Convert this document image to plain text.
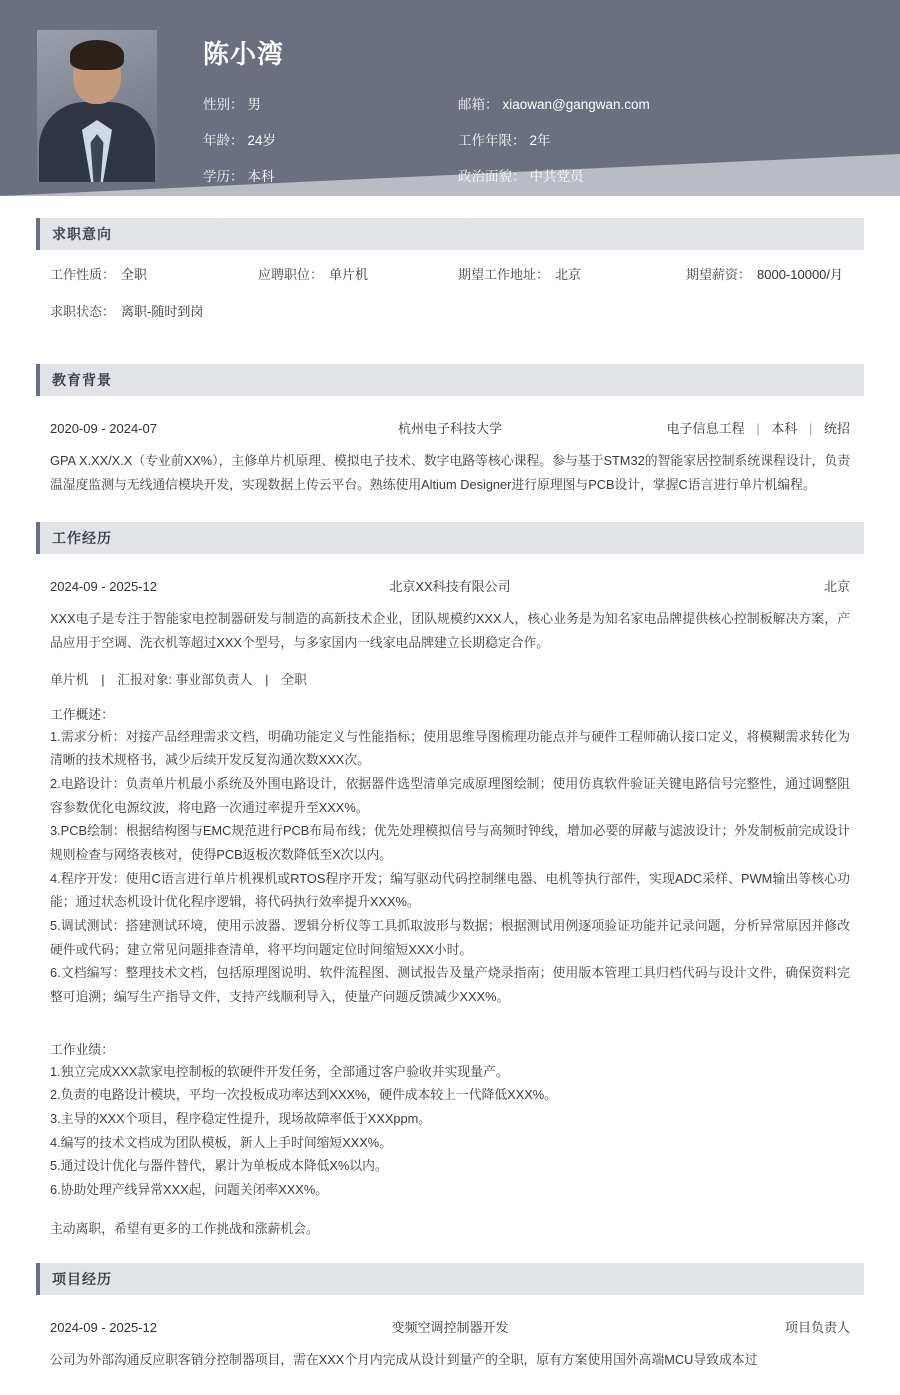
陈小湾
性别： 男	邮箱： xiaowan@gangwan.com
年龄： 24岁	工作年限： 2年
学历： 本科	政治面貌： 中共党员
手机号： 18600001654	婚姻状态： 未婚
求职意向
工作性质： 全职	应聘职位： 单片机	期望工作地址： 北京	期望薪资： 8000-10000/月
求职状态： 离职-随时到岗
教育背景
2020-09 - 2024-07	杭州电子科技大学	电子信息工程 | 本科 | 统招
GPA X.XX/X.X（专业前XX%），主修单片机原理、模拟电子技术、数字电路等核心课程。参与基于STM32的智能家居控制系统课程设计，负责温湿度监测与无线通信模块开发，实现数据上传云平台。熟练使用Altium Designer进行原理图与PCB设计，掌握C语言进行单片机编程。
工作经历
2024-09 - 2025-12	北京XX科技有限公司	北京
XXX电子是专注于智能家电控制器研发与制造的高新技术企业，团队规模约XXX人，核心业务是为知名家电品牌提供核心控制板解决方案，产品应用于空调、洗衣机等超过XXX个型号，与多家国内一线家电品牌建立长期稳定合作。
单片机　|　汇报对象: 事业部负责人　|　全职
工作概述：
1.需求分析：对接产品经理需求文档，明确功能定义与性能指标；使用思维导图梳理功能点并与硬件工程师确认接口定义，将模糊需求转化为清晰的技术规格书，减少后续开发反复沟通次数XXX次。
2.电路设计：负责单片机最小系统及外围电路设计，依据器件选型清单完成原理图绘制；使用仿真软件验证关键电路信号完整性，通过调整阻容参数优化电源纹波，将电路一次通过率提升至XXX%。
3.PCB绘制：根据结构图与EMC规范进行PCB布局布线；优先处理模拟信号与高频时钟线，增加必要的屏蔽与滤波设计；外发制板前完成设计规则检查与网络表核对，使得PCB返板次数降低至X次以内。
4.程序开发：使用C语言进行单片机裸机或RTOS程序开发；编写驱动代码控制继电器、电机等执行部件，实现ADC采样、PWM输出等核心功能；通过状态机设计优化程序逻辑，将代码执行效率提升XXX%。
5.调试测试：搭建测试环境，使用示波器、逻辑分析仪等工具抓取波形与数据；根据测试用例逐项验证功能并记录问题，分析异常原因并修改硬件或代码；建立常见问题排查清单，将平均问题定位时间缩短XXX小时。
6.文档编写：整理技术文档，包括原理图说明、软件流程图、测试报告及量产烧录指南；使用版本管理工具归档代码与设计文件，确保资料完整可追溯；编写生产指导文件，支持产线顺利导入，使量产问题反馈减少XXX%。
工作业绩：
1.独立完成XXX款家电控制板的软硬件开发任务，全部通过客户验收并实现量产。
2.负责的电路设计模块，平均一次投板成功率达到XXX%，硬件成本较上一代降低XXX%。
3.主导的XXX个项目，程序稳定性提升，现场故障率低于XXXppm。
4.编写的技术文档成为团队模板，新人上手时间缩短XXX%。
5.通过设计优化与器件替代，累计为单板成本降低X%以内。
6.协助处理产线异常XXX起，问题关闭率XXX%。
主动离职，希望有更多的工作挑战和涨薪机会。
项目经历
2024-09 - 2025-12	变频空调控制器开发	项目负责人
公司为外部沟通反应职客销分控制器项目，需在XXX个月内完成从设计到量产的全职，原有方案使用国外高端MCU导致成本过
